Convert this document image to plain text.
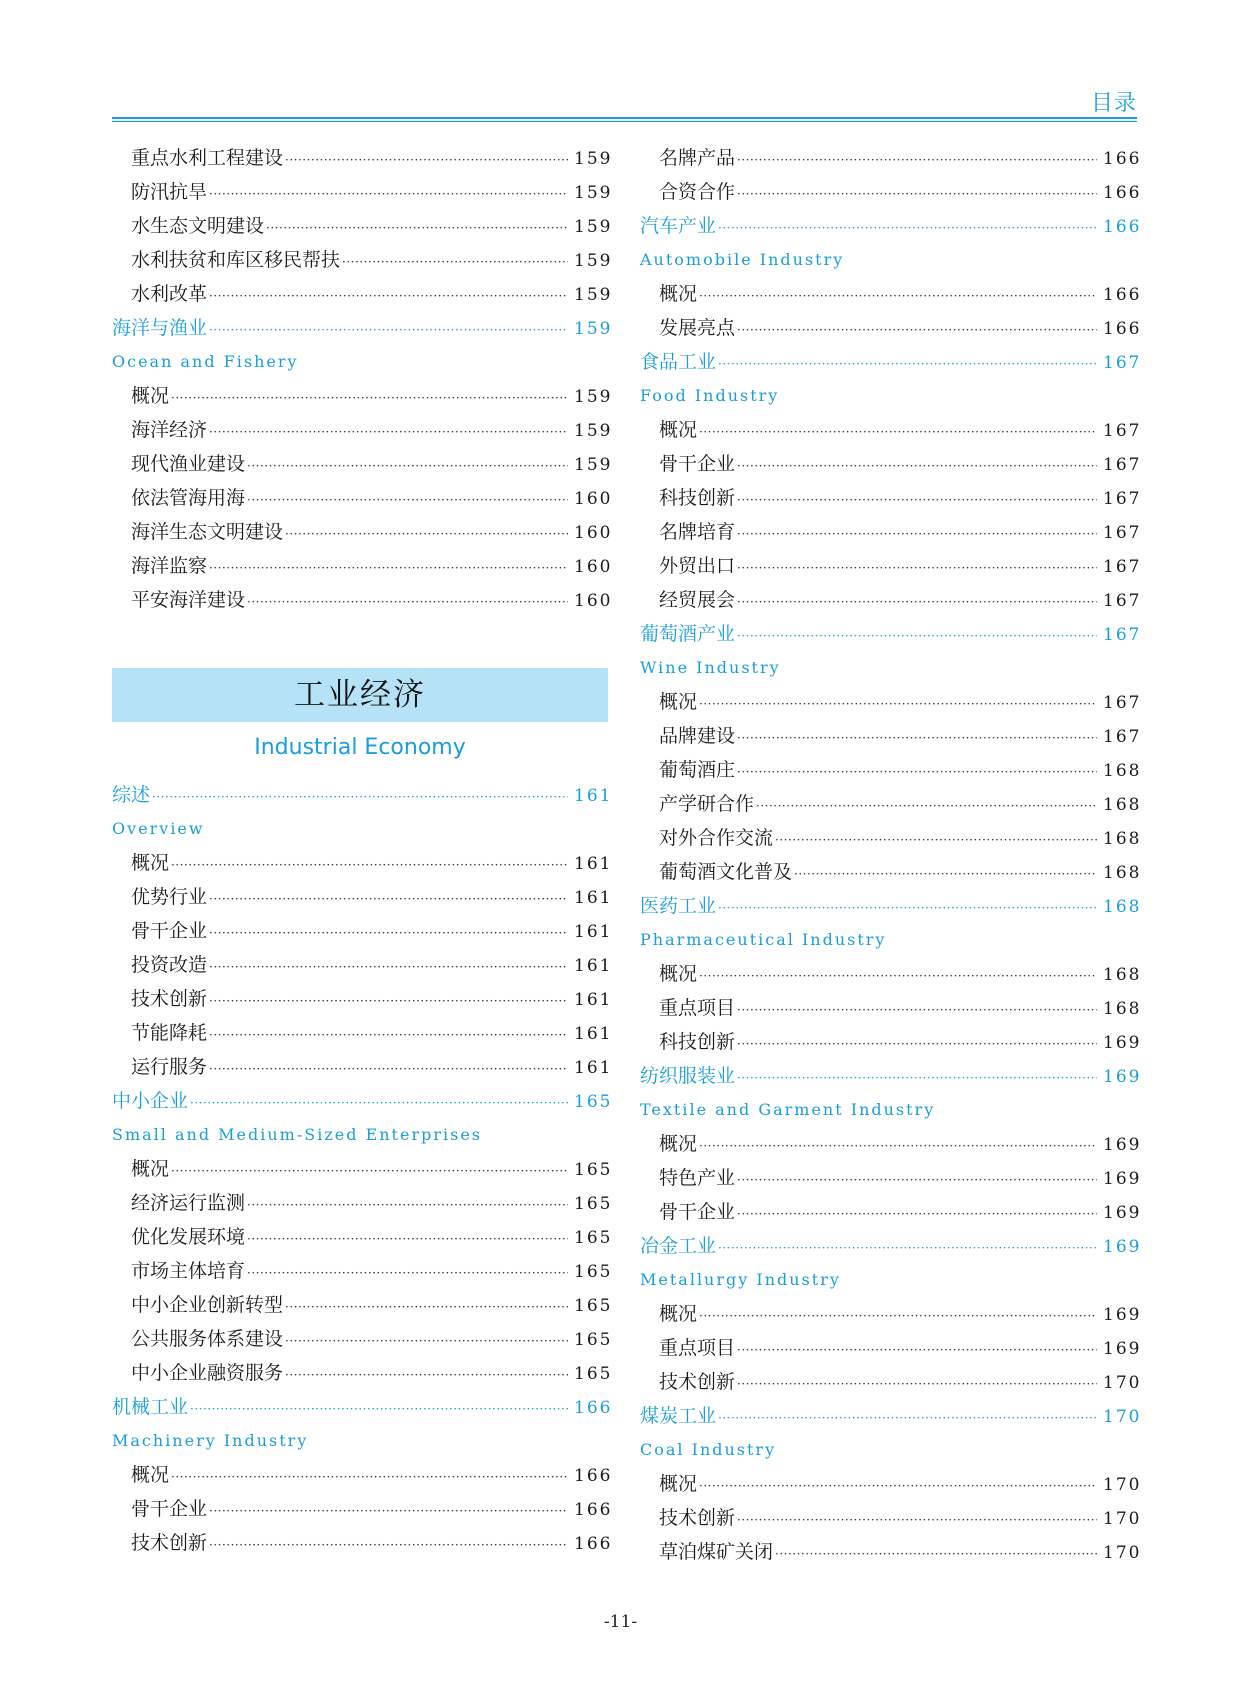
目录
重点水利工程建设 ·····	159
防汛抗旱 ·····	159
水生态文明建设 ·····	159
水利扶贫和库区移民帮扶 ·····	159
水利改革 ·····	159
海洋与渔业 ·····	159
Ocean and Fishery
概况 ·····	159
海洋经济 ·····	159
现代渔业建设 ·····	159
依法管海用海 ·····	160
海洋生态文明建设 ·····	160
海洋监察 ·····	160
平安海洋建设 ·····	160
工业经济
Industrial Economy
综述 ·····	161
Overview
概况 ·····	161
优势行业 ·····	161
骨干企业 ·····	161
投资改造 ·····	161
技术创新 ·····	161
节能降耗 ·····	161
运行服务 ·····	161
中小企业 ·····	165
Small and Medium-Sized Enterprises
概况 ·····	165
经济运行监测 ·····	165
优化发展环境 ·····	165
市场主体培育 ·····	165
中小企业创新转型 ·····	165
公共服务体系建设 ·····	165
中小企业融资服务 ·····	165
机械工业 ·····	166
Machinery Industry
概况 ·····	166
骨干企业 ·····	166
技术创新 ·····	166
名牌产品 ·····	166
合资合作 ·····	166
汽车产业 ·····	166
Automobile Industry
概况 ·····	166
发展亮点 ·····	166
食品工业 ·····	167
Food Industry
概况 ·····	167
骨干企业 ·····	167
科技创新 ·····	167
名牌培育 ·····	167
外贸出口 ·····	167
经贸展会 ·····	167
葡萄酒产业 ·····	167
Wine Industry
概况 ·····	167
品牌建设 ·····	167
葡萄酒庄 ·····	168
产学研合作 ·····	168
对外合作交流 ·····	168
葡萄酒文化普及 ·····	168
医药工业 ·····	168
Pharmaceutical Industry
概况 ·····	168
重点项目 ·····	168
科技创新 ·····	169
纺织服装业 ·····	169
Textile and Garment Industry
概况 ·····	169
特色产业 ·····	169
骨干企业 ·····	169
冶金工业 ·····	169
Metallurgy Industry
概况 ·····	169
重点项目 ·····	169
技术创新 ·····	170
煤炭工业 ·····	170
Coal Industry
概况 ·····	170
技术创新 ·····	170
草泊煤矿关闭 ·····	170
-11-
